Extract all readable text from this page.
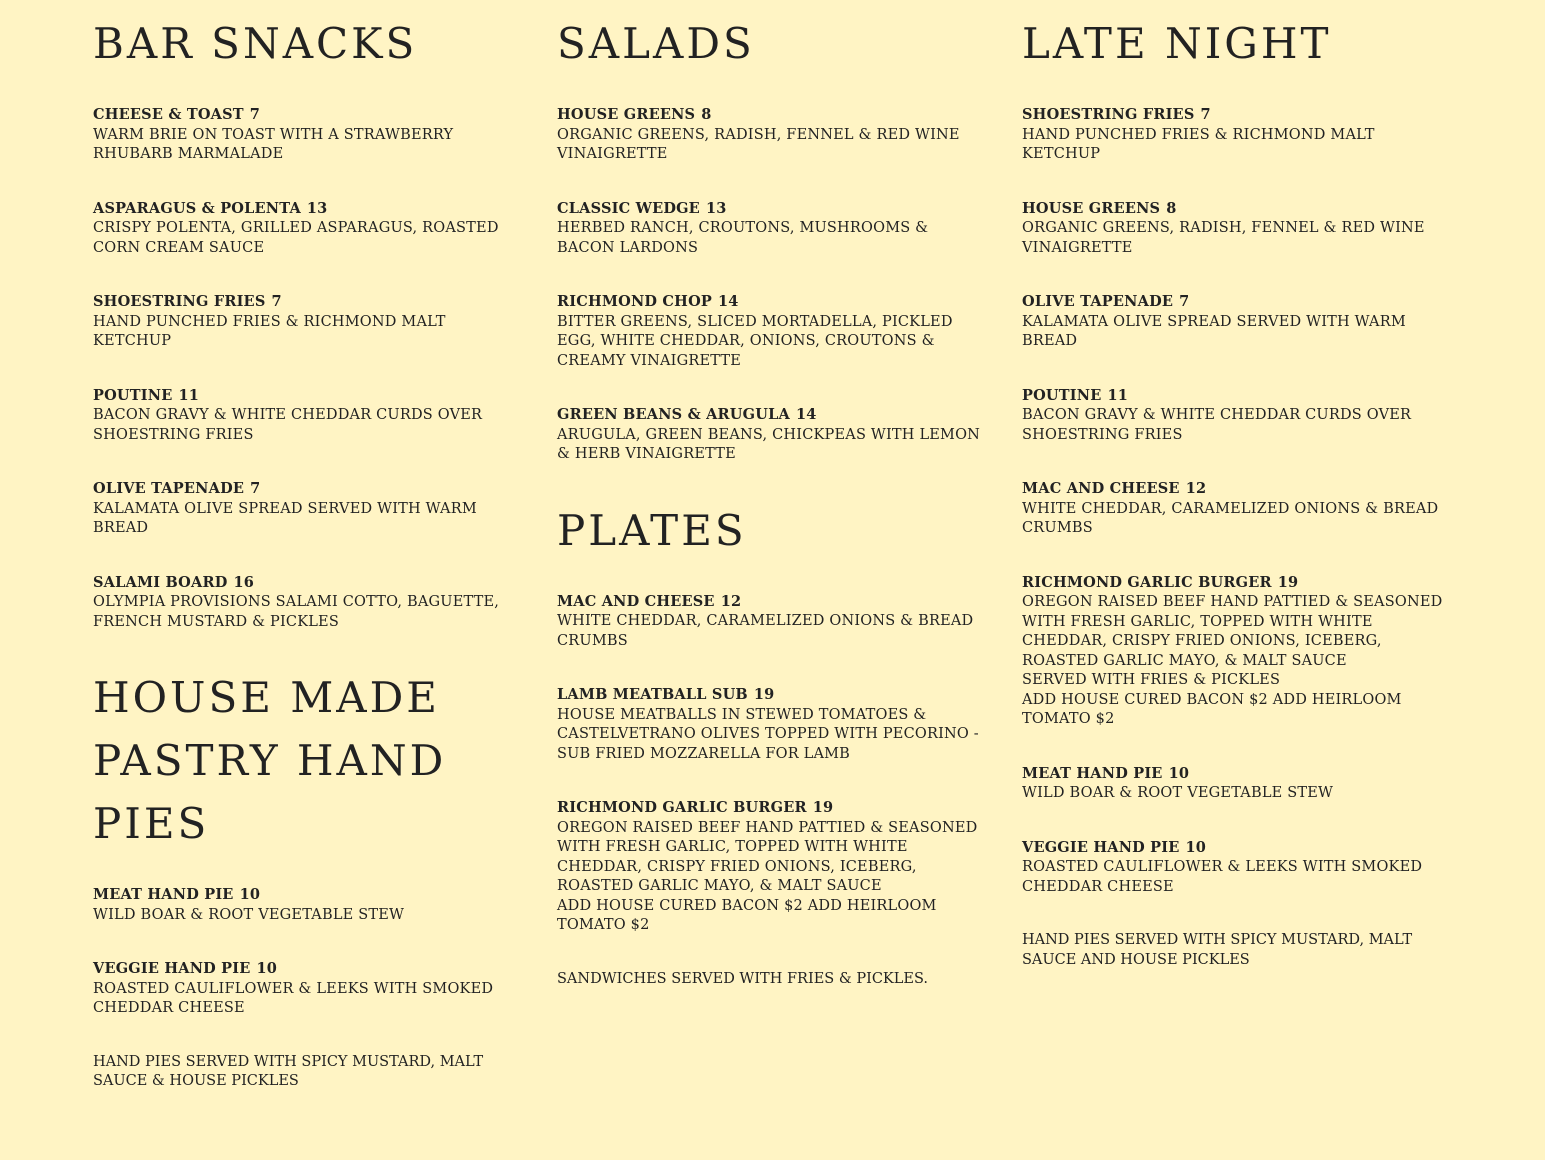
BAR SNACKS
CHEESE & TOAST 7
WARM BRIE ON TOAST WITH A STRAWBERRY RHUBARB MARMALADE
ASPARAGUS & POLENTA 13
CRISPY POLENTA, GRILLED ASPARAGUS, ROASTED CORN CREAM SAUCE
SHOESTRING FRIES 7
HAND PUNCHED FRIES & RICHMOND MALT KETCHUP
POUTINE 11
BACON GRAVY & WHITE CHEDDAR CURDS OVER SHOESTRING FRIES
OLIVE TAPENADE 7
KALAMATA OLIVE SPREAD SERVED WITH WARM BREAD
SALAMI BOARD 16
OLYMPIA PROVISIONS SALAMI COTTO, BAGUETTE, FRENCH MUSTARD & PICKLES
HOUSE MADE PASTRY HAND PIES
MEAT HAND PIE 10
WILD BOAR & ROOT VEGETABLE STEW
VEGGIE HAND PIE 10
ROASTED CAULIFLOWER & LEEKS WITH SMOKED CHEDDAR CHEESE
HAND PIES SERVED WITH SPICY MUSTARD, MALT SAUCE & HOUSE PICKLES
SALADS
HOUSE GREENS 8
ORGANIC GREENS, RADISH, FENNEL & RED WINE VINAIGRETTE
CLASSIC WEDGE 13
HERBED RANCH, CROUTONS, MUSHROOMS & BACON LARDONS
RICHMOND CHOP 14
BITTER GREENS, SLICED MORTADELLA, PICKLED EGG, WHITE CHEDDAR, ONIONS, CROUTONS & CREAMY VINAIGRETTE
GREEN BEANS & ARUGULA 14
ARUGULA, GREEN BEANS, CHICKPEAS WITH LEMON & HERB VINAIGRETTE
PLATES
MAC AND CHEESE 12
WHITE CHEDDAR, CARAMELIZED ONIONS & BREAD CRUMBS
LAMB MEATBALL SUB 19
HOUSE MEATBALLS IN STEWED TOMATOES & CASTELVETRANO OLIVES TOPPED WITH PECORINO - SUB FRIED MOZZARELLA FOR LAMB
RICHMOND GARLIC BURGER 19
OREGON RAISED BEEF HAND PATTIED & SEASONED WITH FRESH GARLIC, TOPPED WITH WHITE CHEDDAR, CRISPY FRIED ONIONS, ICEBERG, ROASTED GARLIC MAYO, & MALT SAUCE
ADD HOUSE CURED BACON $2 ADD HEIRLOOM TOMATO $2
SANDWICHES SERVED WITH FRIES & PICKLES.
LATE NIGHT
SHOESTRING FRIES 7
HAND PUNCHED FRIES & RICHMOND MALT KETCHUP
HOUSE GREENS 8
ORGANIC GREENS, RADISH, FENNEL & RED WINE VINAIGRETTE
OLIVE TAPENADE 7
KALAMATA OLIVE SPREAD SERVED WITH WARM BREAD
POUTINE 11
BACON GRAVY & WHITE CHEDDAR CURDS OVER SHOESTRING FRIES
MAC AND CHEESE 12
WHITE CHEDDAR, CARAMELIZED ONIONS & BREAD CRUMBS
RICHMOND GARLIC BURGER 19
OREGON RAISED BEEF HAND PATTIED & SEASONED WITH FRESH GARLIC, TOPPED WITH WHITE CHEDDAR, CRISPY FRIED ONIONS, ICEBERG, ROASTED GARLIC MAYO, & MALT SAUCE
SERVED WITH FRIES & PICKLES
ADD HOUSE CURED BACON $2 ADD HEIRLOOM TOMATO $2
MEAT HAND PIE 10
WILD BOAR & ROOT VEGETABLE STEW
VEGGIE HAND PIE 10
ROASTED CAULIFLOWER & LEEKS WITH SMOKED CHEDDAR CHEESE
HAND PIES SERVED WITH SPICY MUSTARD, MALT SAUCE AND HOUSE PICKLES
